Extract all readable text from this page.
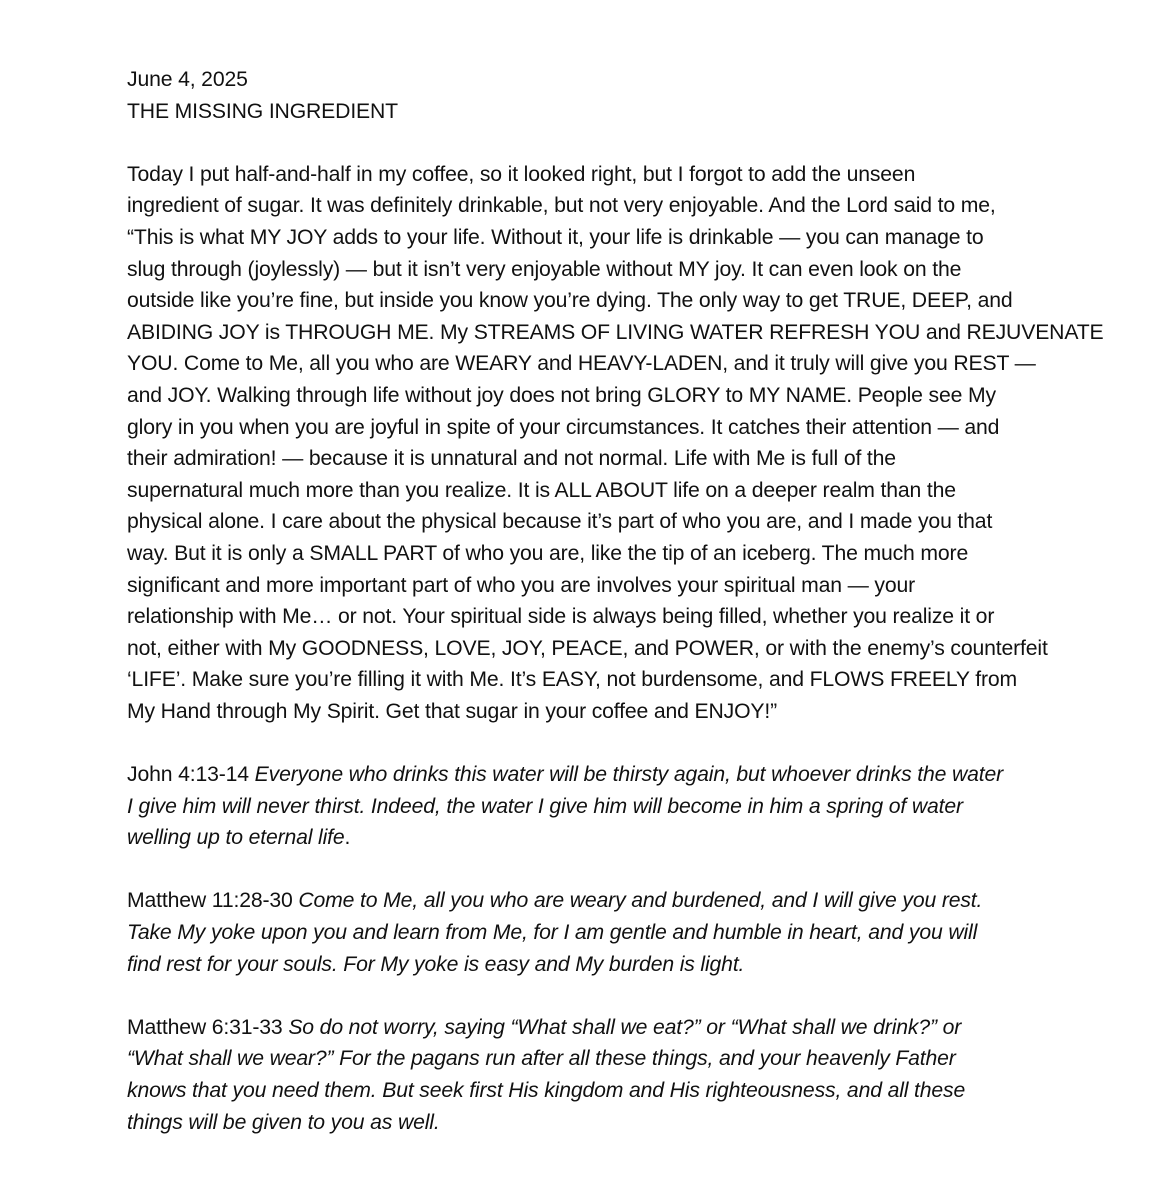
June 4, 2025
THE MISSING INGREDIENT
Today I put half-and-half in my coffee, so it looked right, but I forgot to add the unseen
ingredient of sugar. It was definitely drinkable, but not very enjoyable. And the Lord said to me,
“This is what MY JOY adds to your life. Without it, your life is drinkable — you can manage to
slug through (joylessly) — but it isn’t very enjoyable without MY joy. It can even look on the
outside like you’re fine, but inside you know you’re dying. The only way to get TRUE, DEEP, and
ABIDING JOY is THROUGH ME. My STREAMS OF LIVING WATER REFRESH YOU and REJUVENATE
YOU. Come to Me, all you who are WEARY and HEAVY-LADEN, and it truly will give you REST —
and JOY. Walking through life without joy does not bring GLORY to MY NAME. People see My
glory in you when you are joyful in spite of your circumstances. It catches their attention — and
their admiration! — because it is unnatural and not normal. Life with Me is full of the
supernatural much more than you realize. It is ALL ABOUT life on a deeper realm than the
physical alone. I care about the physical because it’s part of who you are, and I made you that
way. But it is only a SMALL PART of who you are, like the tip of an iceberg. The much more
significant and more important part of who you are involves your spiritual man — your
relationship with Me… or not. Your spiritual side is always being filled, whether you realize it or
not, either with My GOODNESS, LOVE, JOY, PEACE, and POWER, or with the enemy’s counterfeit
‘LIFE’. Make sure you’re filling it with Me. It’s EASY, not burdensome, and FLOWS FREELY from
My Hand through My Spirit. Get that sugar in your coffee and ENJOY!”
John 4:13-14 Everyone who drinks this water will be thirsty again, but whoever drinks the water
I give him will never thirst. Indeed, the water I give him will become in him a spring of water
welling up to eternal life.
Matthew 11:28-30 Come to Me, all you who are weary and burdened, and I will give you rest.
Take My yoke upon you and learn from Me, for I am gentle and humble in heart, and you will
find rest for your souls. For My yoke is easy and My burden is light.
Matthew 6:31-33 So do not worry, saying “What shall we eat?” or “What shall we drink?” or
“What shall we wear?” For the pagans run after all these things, and your heavenly Father
knows that you need them. But seek first His kingdom and His righteousness, and all these
things will be given to you as well.
